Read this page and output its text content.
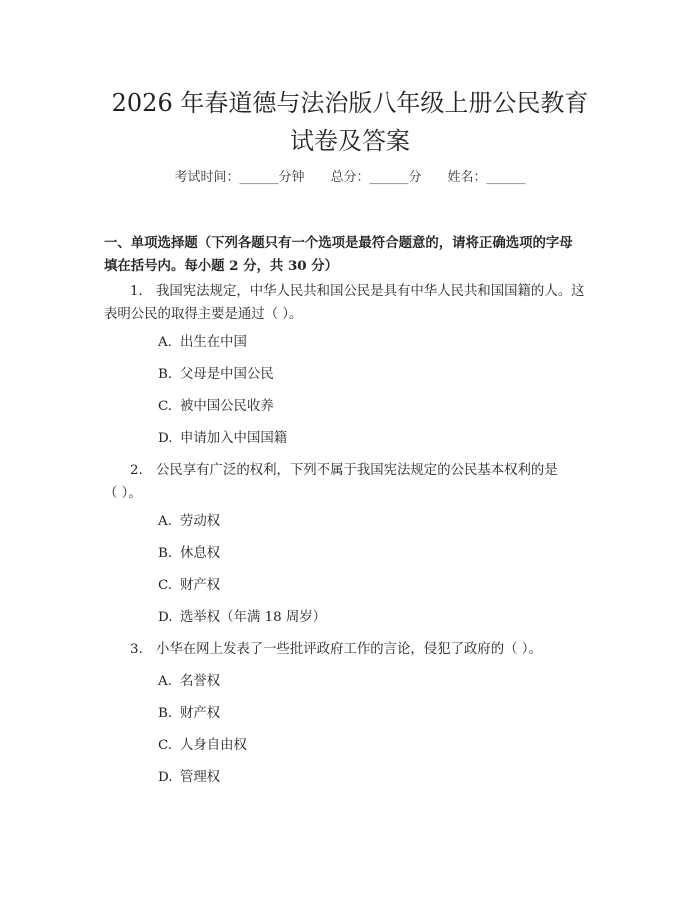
2026 年春道德与法治版八年级上册公民教育
试卷及答案
考试时间：______分钟 总分：______分 姓名：______
一、单项选择题（下列各题只有一个选项是最符合题意的，请将正确选项的字母
填在括号内。每小题 2 分，共 30 分）
1. 我国宪法规定，中华人民共和国公民是具有中华人民共和国国籍的人。这
表明公民的取得主要是通过（ ）。
A. 出生在中国
B. 父母是中国公民
C. 被中国公民收养
D. 申请加入中国国籍
2. 公民享有广泛的权利，下列不属于我国宪法规定的公民基本权利的是
（ ）。
A. 劳动权
B. 休息权
C. 财产权
D. 选举权（年满 18 周岁）
3. 小华在网上发表了一些批评政府工作的言论，侵犯了政府的（ ）。
A. 名誉权
B. 财产权
C. 人身自由权
D. 管理权
